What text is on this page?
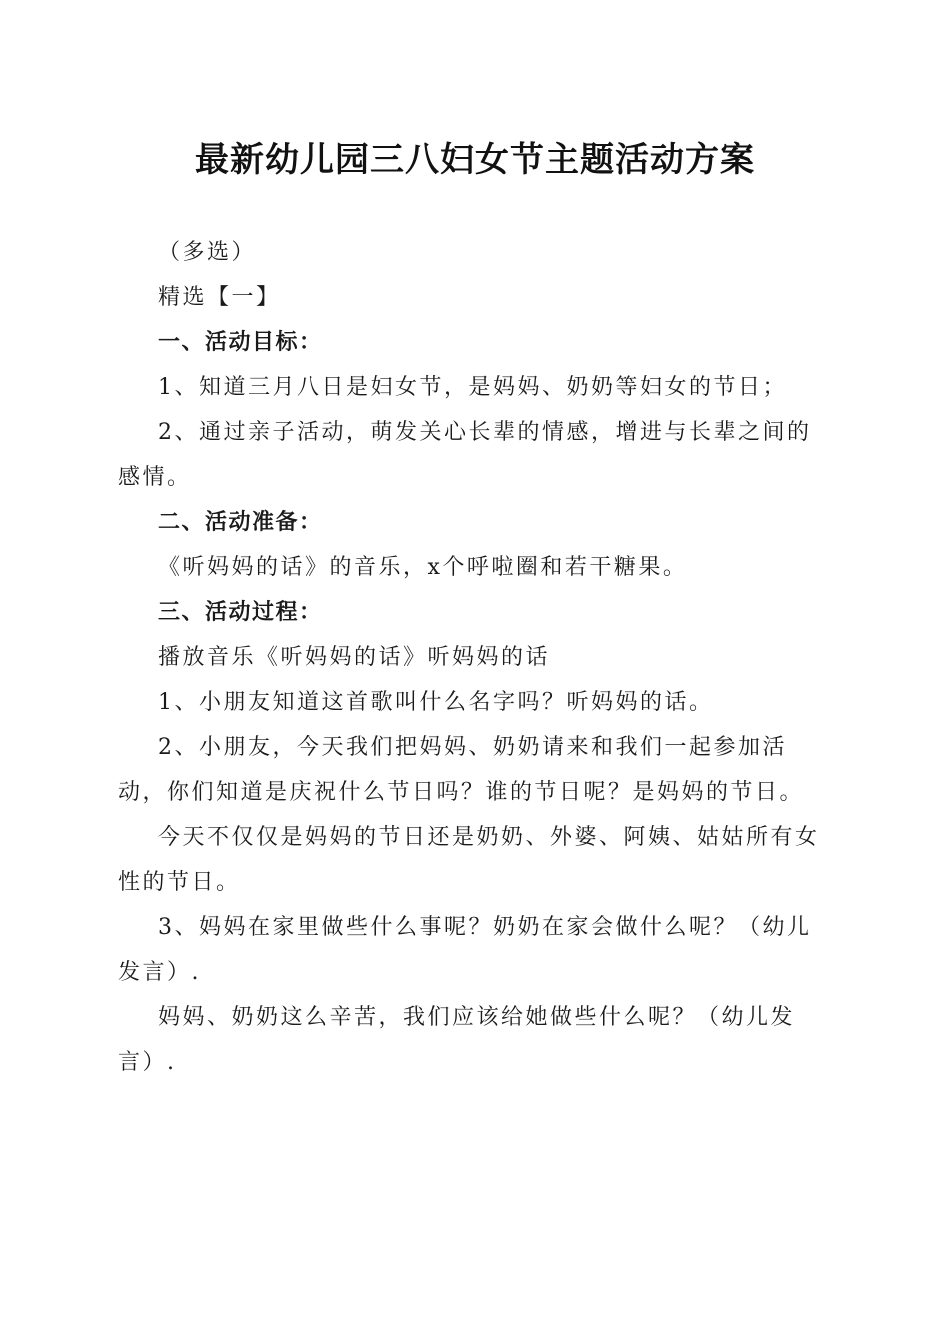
最新幼儿园三八妇女节主题活动方案

（多选）

精选【一】

一、活动目标：

1、知道三月八日是妇女节，是妈妈、奶奶等妇女的节日；

2、通过亲子活动，萌发关心长辈的情感，增进与长辈之间的感情。

二、活动准备：

《听妈妈的话》的音乐，x个呼啦圈和若干糖果。

三、活动过程：

播放音乐《听妈妈的话》听妈妈的话

1、小朋友知道这首歌叫什么名字吗？听妈妈的话。

2、小朋友，今天我们把妈妈、奶奶请来和我们一起参加活动，你们知道是庆祝什么节日吗？谁的节日呢？是妈妈的节日。

今天不仅仅是妈妈的节日还是奶奶、外婆、阿姨、姑姑所有女性的节日。

3、妈妈在家里做些什么事呢？奶奶在家会做什么呢？（幼儿发言）.

妈妈、奶奶这么辛苦，我们应该给她做些什么呢？（幼儿发言）.
